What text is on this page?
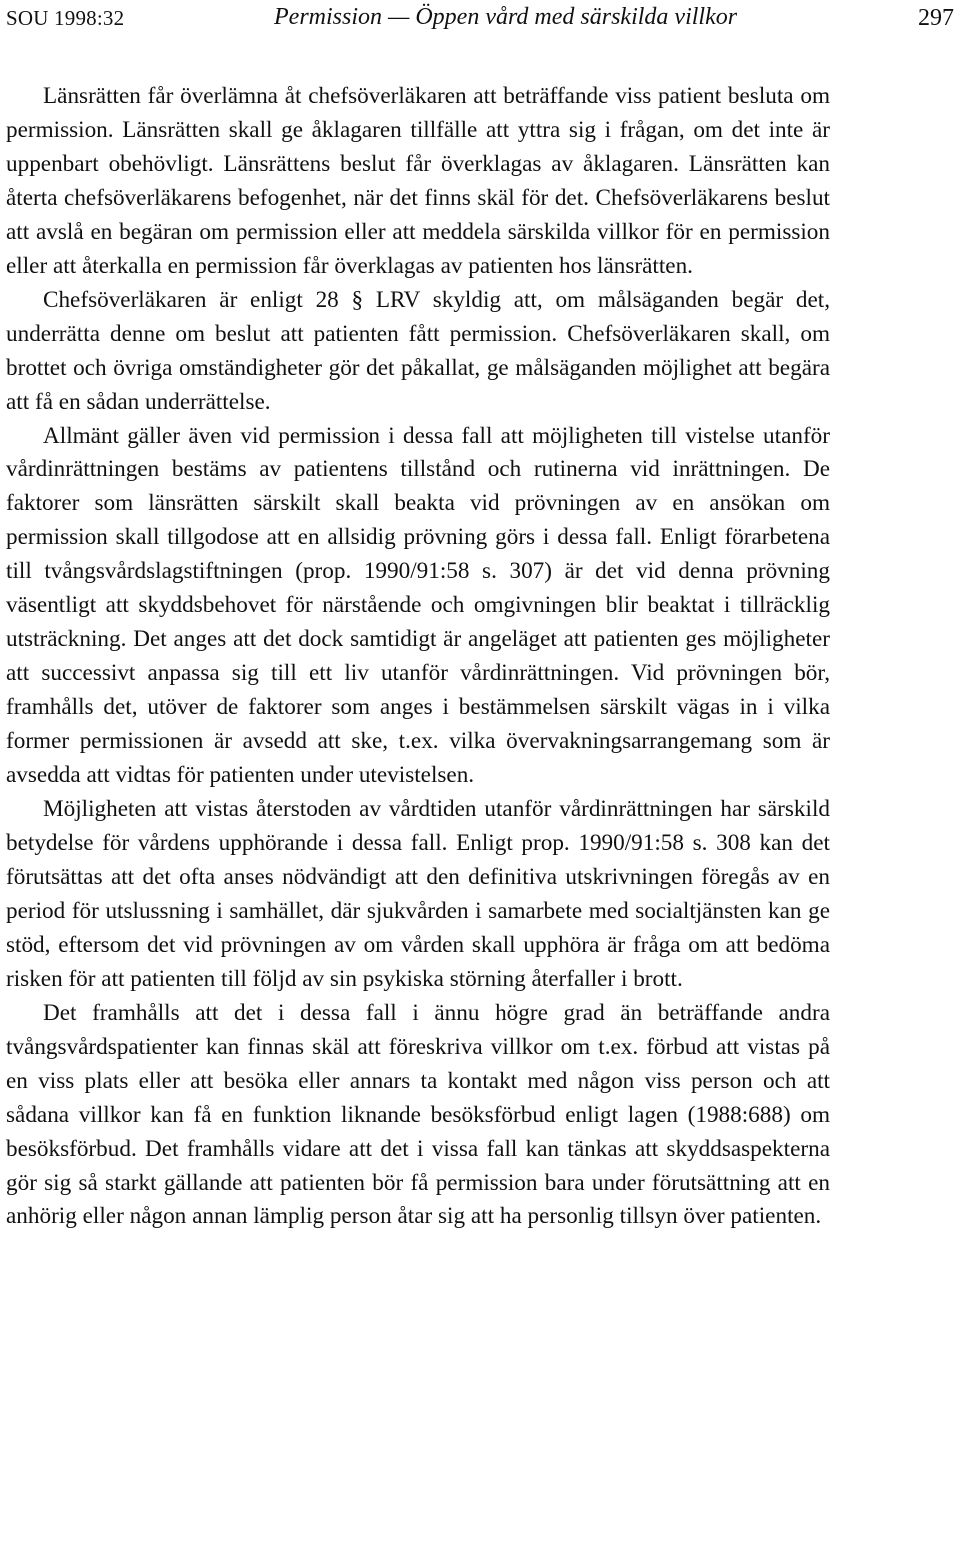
SOU 1998:32	Permission — Öppen vård med särskilda villkor	297

Länsrätten får överlämna åt chefsöverläkaren att beträffande viss patient besluta om permission. Länsrätten skall ge åklagaren tillfälle att yttra sig i frågan, om det inte är uppenbart obehövligt. Länsrättens beslut får överklagas av åklagaren. Länsrätten kan återta chefsöverläkarens befogenhet, när det finns skäl för det. Chefsöverläkarens beslut att avslå en begäran om permission eller att meddela särskilda villkor för en permission eller att återkalla en permission får överklagas av patienten hos länsrätten.

Chefsöverläkaren är enligt 28 § LRV skyldig att, om målsäganden begär det, underrätta denne om beslut att patienten fått permission. Chefsöverläkaren skall, om brottet och övriga omständigheter gör det påkallat, ge målsäganden möjlighet att begära att få en sådan underrättelse.

Allmänt gäller även vid permission i dessa fall att möjligheten till vistelse utanför vårdinrättningen bestäms av patientens tillstånd och rutinerna vid inrättningen. De faktorer som länsrätten särskilt skall beakta vid prövningen av en ansökan om permission skall tillgodose att en allsidig prövning görs i dessa fall. Enligt förarbetena till tvångsvårdslagstiftningen (prop. 1990/91:58 s. 307) är det vid denna prövning väsentligt att skyddsbehovet för närstående och omgivningen blir beaktat i tillräcklig utsträckning. Det anges att det dock samtidigt är angeläget att patienten ges möjligheter att successivt anpassa sig till ett liv utanför vårdinrättningen. Vid prövningen bör, framhålls det, utöver de faktorer som anges i bestämmelsen särskilt vägas in i vilka former permissionen är avsedd att ske, t.ex. vilka övervakningsarrangemang som är avsedda att vidtas för patienten under utevistelsen.

Möjligheten att vistas återstoden av vårdtiden utanför vårdinrättningen har särskild betydelse för vårdens upphörande i dessa fall. Enligt prop. 1990/91:58 s. 308 kan det förutsättas att det ofta anses nödvändigt att den definitiva utskrivningen föregås av en period för utslussning i samhället, där sjukvården i samarbete med socialtjänsten kan ge stöd, eftersom det vid prövningen av om vården skall upphöra är fråga om att bedöma risken för att patienten till följd av sin psykiska störning återfaller i brott.

Det framhålls att det i dessa fall i ännu högre grad än beträffande andra tvångsvårdspatienter kan finnas skäl att föreskriva villkor om t.ex. förbud att vistas på en viss plats eller att besöka eller annars ta kontakt med någon viss person och att sådana villkor kan få en funktion liknande besöksförbud enligt lagen (1988:688) om besöksförbud. Det framhålls vidare att det i vissa fall kan tänkas att skyddsaspekterna gör sig så starkt gällande att patienten bör få permission bara under förutsättning att en anhörig eller någon annan lämplig person åtar sig att ha personlig tillsyn över patienten.
